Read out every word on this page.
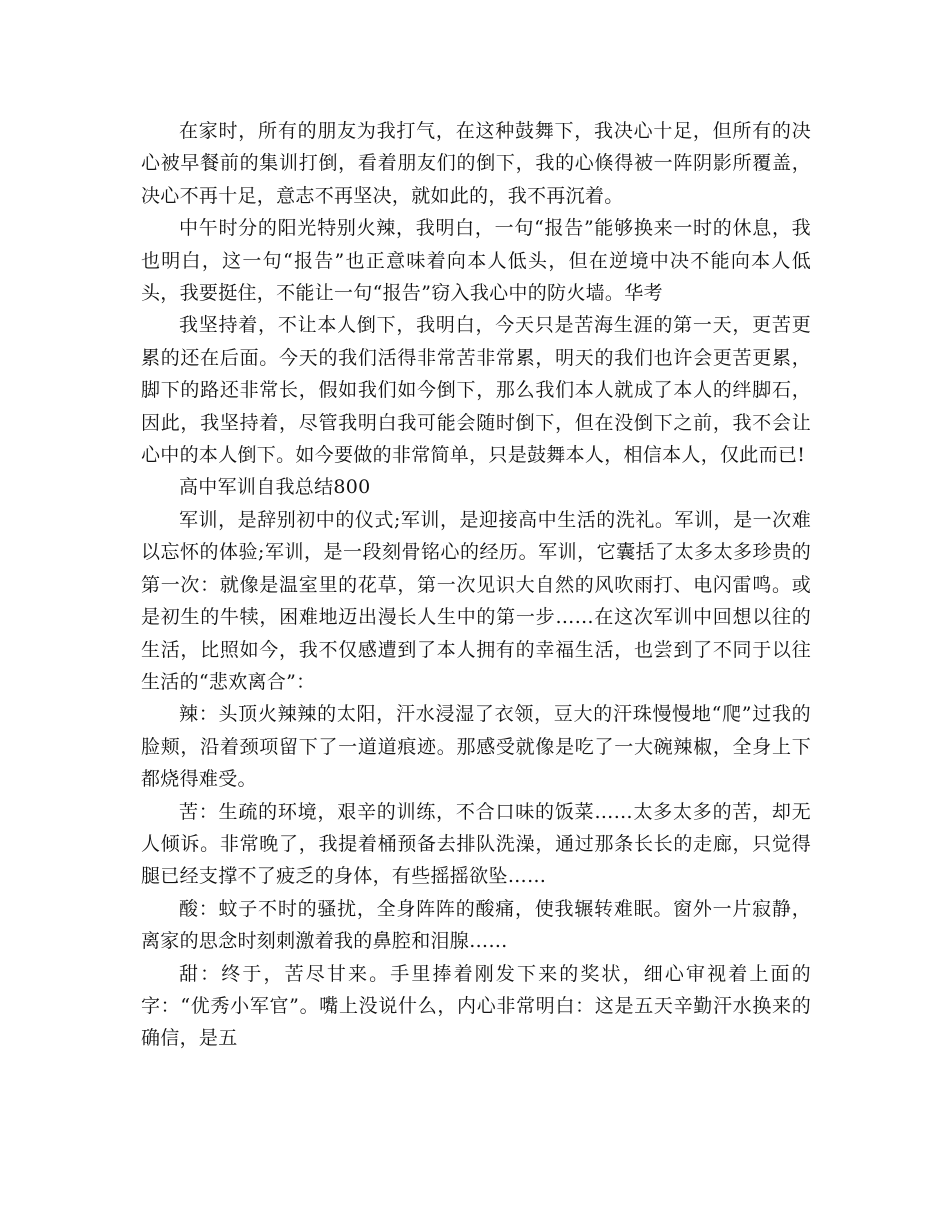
在家时，所有的朋友为我打气，在这种鼓舞下，我决心十足，但所有的决心被早餐前的集训打倒，看着朋友们的倒下，我的心倏得被一阵阴影所覆盖，决心不再十足，意志不再坚决，就如此的，我不再沉着。

中午时分的阳光特别火辣，我明白，一句“报告”能够换来一时的休息，我也明白，这一句“报告”也正意味着向本人低头，但在逆境中决不能向本人低头，我要挺住，不能让一句“报告”窃入我心中的防火墙。华考

我坚持着，不让本人倒下，我明白，今天只是苦海生涯的第一天，更苦更累的还在后面。今天的我们活得非常苦非常累，明天的我们也许会更苦更累，脚下的路还非常长，假如我们如今倒下，那么我们本人就成了本人的绊脚石，因此，我坚持着，尽管我明白我可能会随时倒下，但在没倒下之前，我不会让心中的本人倒下。如今要做的非常简单，只是鼓舞本人，相信本人，仅此而已!

高中军训自我总结800

军训，是辞别初中的仪式;军训，是迎接高中生活的洗礼。军训，是一次难以忘怀的体验;军训，是一段刻骨铭心的经历。军训，它囊括了太多太多珍贵的第一次：就像是温室里的花草，第一次见识大自然的风吹雨打、电闪雷鸣。或是初生的牛犊，困难地迈出漫长人生中的第一步……在这次军训中回想以往的生活，比照如今，我不仅感遭到了本人拥有的幸福生活，也尝到了不同于以往生活的“悲欢离合”：

辣：头顶火辣辣的太阳，汗水浸湿了衣领，豆大的汗珠慢慢地“爬”过我的脸颊，沿着颈项留下了一道道痕迹。那感受就像是吃了一大碗辣椒，全身上下都烧得难受。

苦：生疏的环境，艰辛的训练，不合口味的饭菜……太多太多的苦，却无人倾诉。非常晚了，我提着桶预备去排队洗澡，通过那条长长的走廊，只觉得腿已经支撑不了疲乏的身体，有些摇摇欲坠……

酸：蚊子不时的骚扰，全身阵阵的酸痛，使我辗转难眠。窗外一片寂静，离家的思念时刻刺激着我的鼻腔和泪腺……

甜：终于，苦尽甘来。手里捧着刚发下来的奖状，细心审视着上面的字：“优秀小军官”。嘴上没说什么，内心非常明白：这是五天辛勤汗水换来的确信，是五
